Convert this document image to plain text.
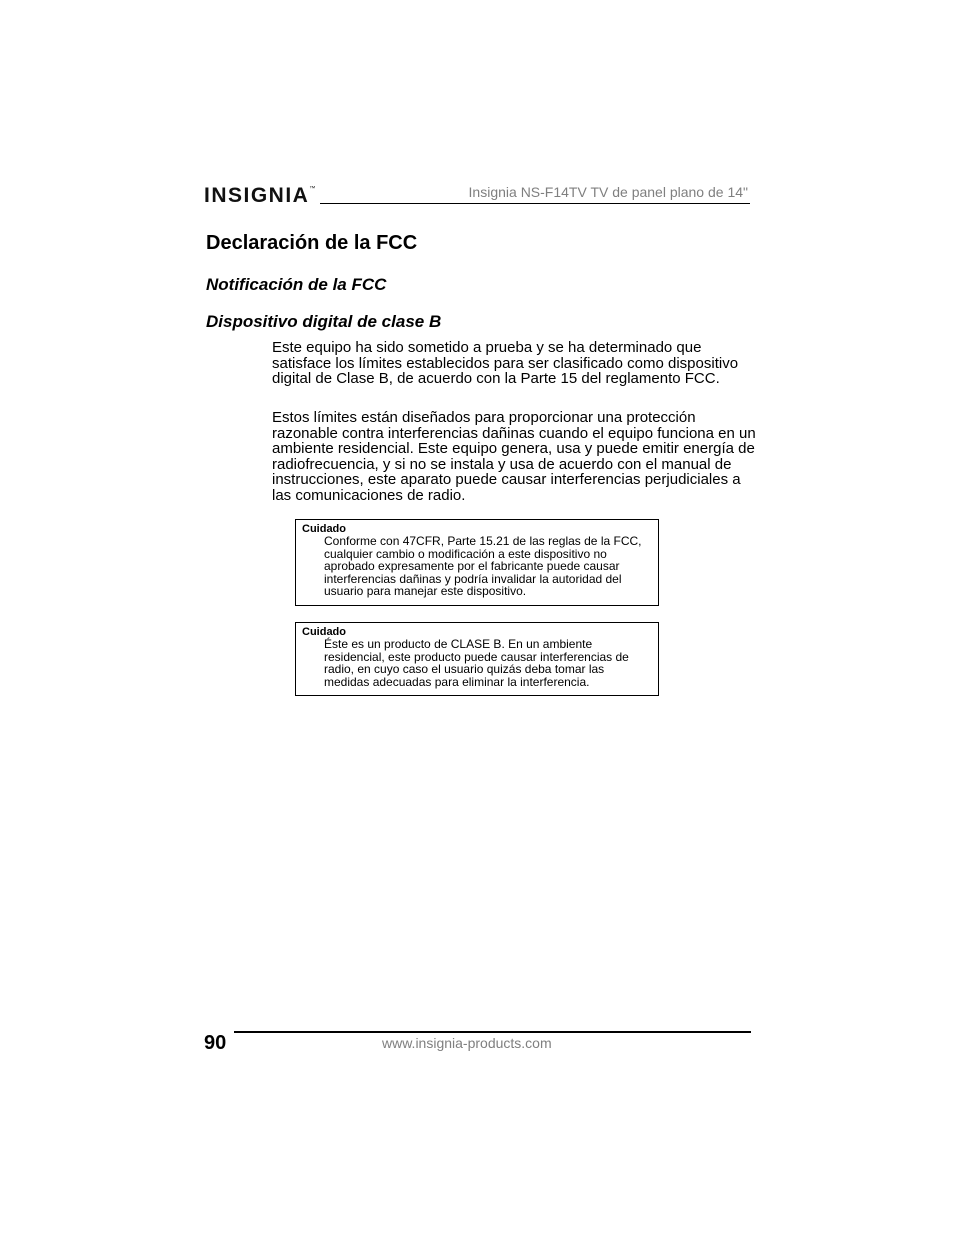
INSIGNIA™	Insignia NS-F14TV TV de panel plano de 14"
Declaración de la FCC
Notificación de la FCC
Dispositivo digital de clase B

Este equipo ha sido sometido a prueba y se ha determinado que satisface los límites establecidos para ser clasificado como dispositivo digital de Clase B, de acuerdo con la Parte 15 del reglamento FCC.

Estos límites están diseñados para proporcionar una protección razonable contra interferencias dañinas cuando el equipo funciona en un ambiente residencial. Este equipo genera, usa y puede emitir energía de radiofrecuencia, y si no se instala y usa de acuerdo con el manual de instrucciones, este aparato puede causar interferencias perjudiciales a las comunicaciones de radio.

Cuidado

Conforme con 47CFR, Parte 15.21 de las reglas de la FCC, cualquier cambio o modificación a este dispositivo no aprobado expresamente por el fabricante puede causar interferencias dañinas y podría invalidar la autoridad del usuario para manejar este dispositivo.

Cuidado

Éste es un producto de CLASE B. En un ambiente residencial, este producto puede causar interferencias de radio, en cuyo caso el usuario quizás deba tomar las medidas adecuadas para eliminar la interferencia.

90	www.insignia-products.com
